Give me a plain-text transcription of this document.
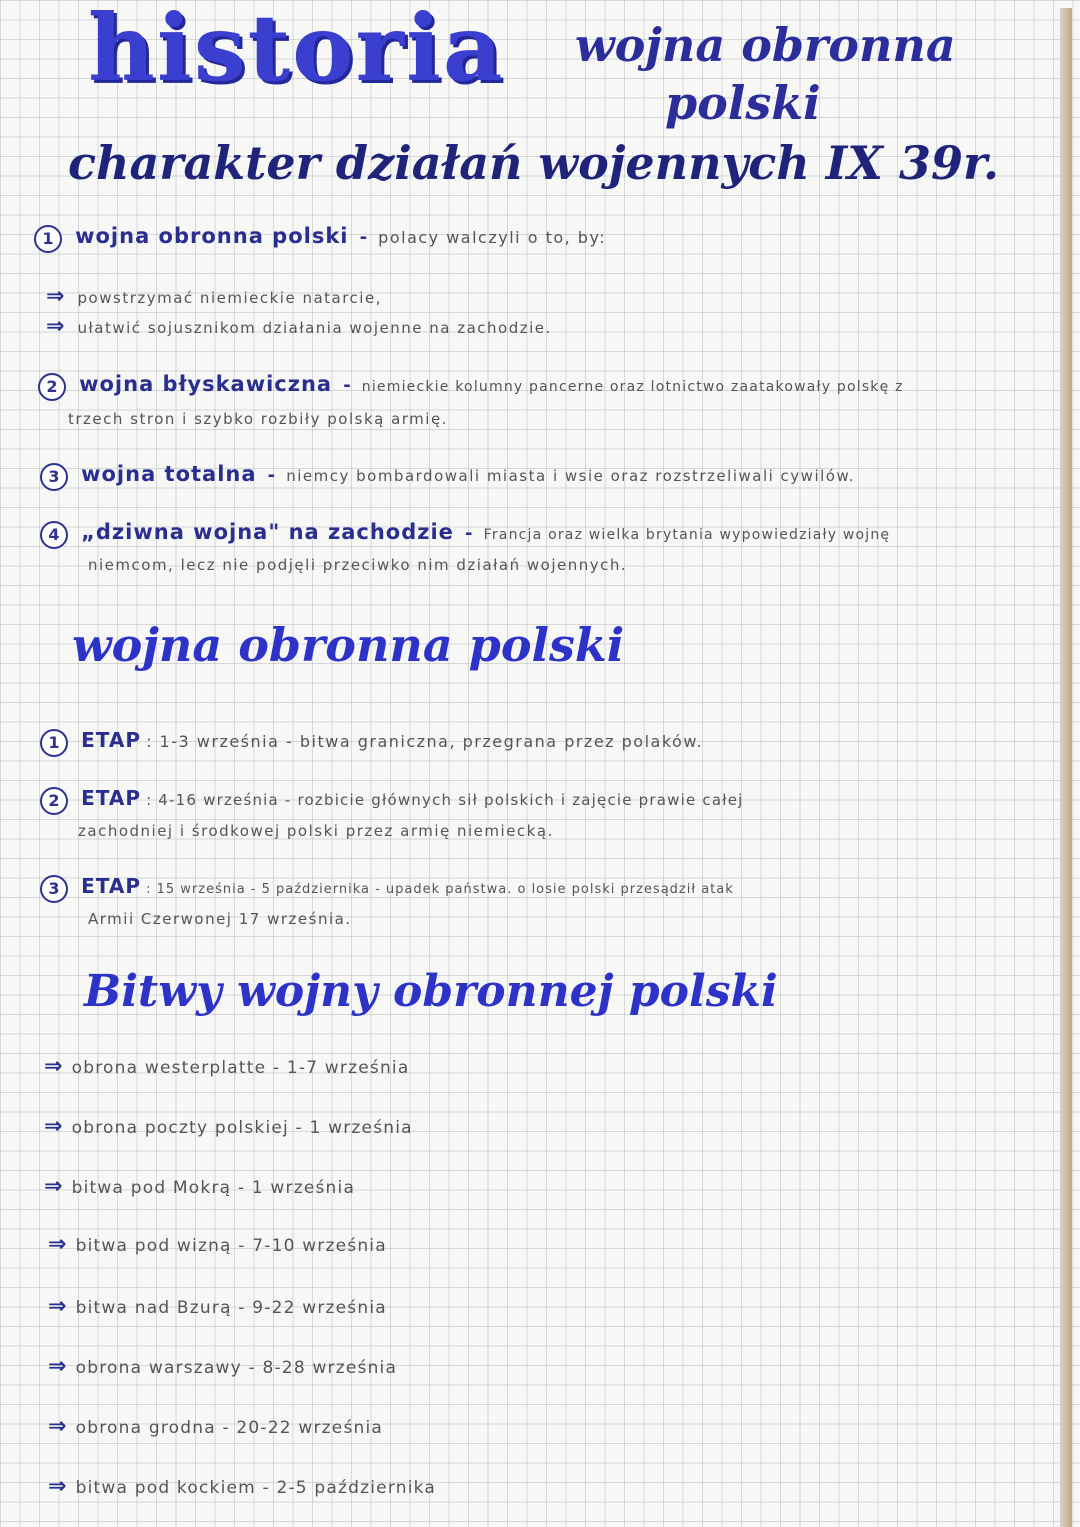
historia wojna obronna
polski
charakter działań wojennych IX 39r.
1 wojna obronna polski - polacy walczyli o to, by:
⇒ powstrzymać niemieckie natarcie,
⇒ ułatwić sojusznikom działania wojenne na zachodzie.
2 wojna błyskawiczna - niemieckie kolumny pancerne oraz lotnictwo zaatakowały polskę z
trzech stron i szybko rozbiły polską armię.
3 wojna totalna - niemcy bombardowali miasta i wsie oraz rozstrzeliwali cywilów.
4 „dziwna wojna" na zachodzie - Francja oraz wielka brytania wypowiedziały wojnę
niemcom, lecz nie podjęli przeciwko nim działań wojennych.
wojna obronna polski
1 ETAP : 1-3 września - bitwa graniczna, przegrana przez polaków.
2 ETAP : 4-16 września - rozbicie głównych sił polskich i zajęcie prawie całej
zachodniej i środkowej polski przez armię niemiecką.
3 ETAP : 15 września - 5 października - upadek państwa. o losie polski przesądził atak
Armii Czerwonej 17 września.
Bitwy wojny obronnej polski
⇒ obrona westerplatte - 1-7 września
⇒ obrona poczty polskiej - 1 września
⇒ bitwa pod Mokrą - 1 września
⇒ bitwa pod wizną - 7-10 września
⇒ bitwa nad Bzurą - 9-22 września
⇒ obrona warszawy - 8-28 września
⇒ obrona grodna - 20-22 września
⇒ bitwa pod kockiem - 2-5 października
